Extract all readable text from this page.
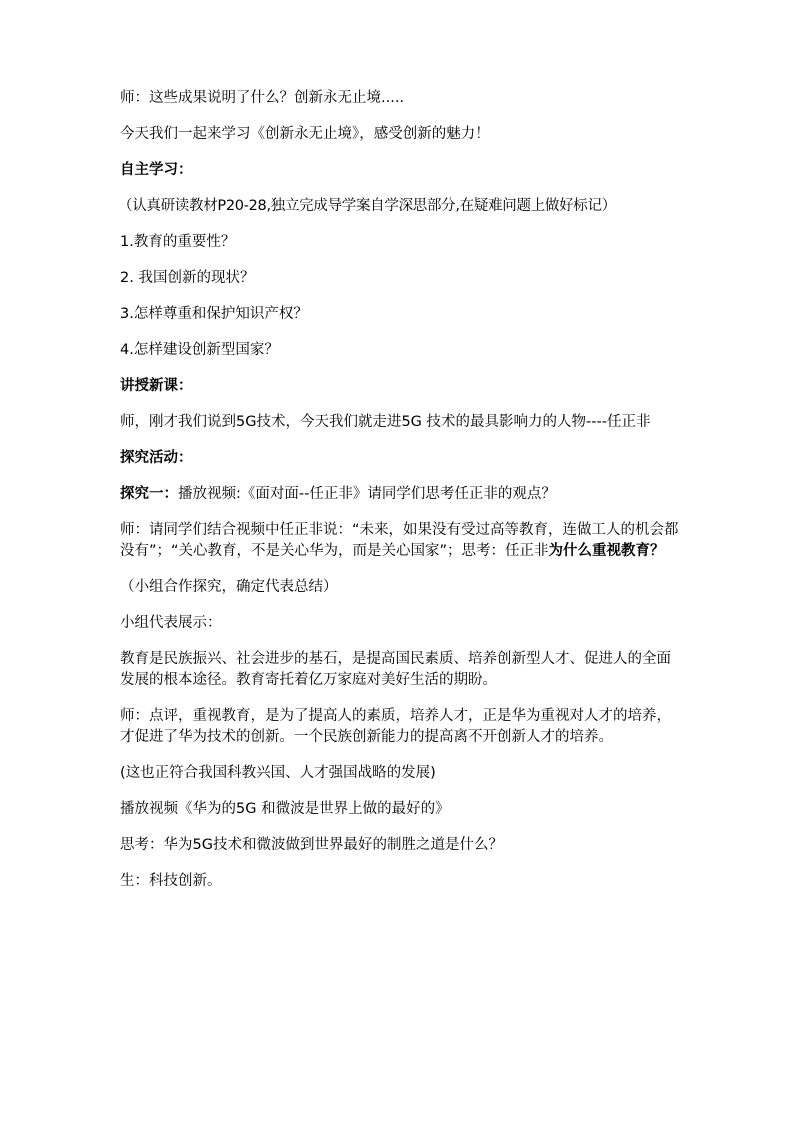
师：这些成果说明了什么？创新永无止境.....

今天我们一起来学习《创新永无止境》，感受创新的魅力！

自主学习：

（认真研读教材P20-28,独立完成导学案自学深思部分,在疑难问题上做好标记）

1.教育的重要性？

2. 我国创新的现状？

3.怎样尊重和保护知识产权？

4.怎样建设创新型国家？

讲授新课：

师，刚才我们说到5G技术，今天我们就走进5G 技术的最具影响力的人物----任正非

探究活动：

探究一：播放视频:《面对面--任正非》请同学们思考任正非的观点？

师：请同学们结合视频中任正非说：“未来，如果没有受过高等教育，连做工人的机会都没有”；“关心教育，不是关心华为，而是关心国家”；思考：任正非为什么重视教育？

（小组合作探究，确定代表总结）

小组代表展示：

教育是民族振兴、社会进步的基石，是提高国民素质、培养创新型人才、促进人的全面发展的根本途径。教育寄托着亿万家庭对美好生活的期盼。

师：点评，重视教育，是为了提高人的素质，培养人才，正是华为重视对人才的培养，才促进了华为技术的创新。一个民族创新能力的提高离不开创新人才的培养。

(这也正符合我国科教兴国、人才强国战略的发展)

播放视频《华为的5G 和微波是世界上做的最好的》

思考：华为5G技术和微波做到世界最好的制胜之道是什么？

生：科技创新。
